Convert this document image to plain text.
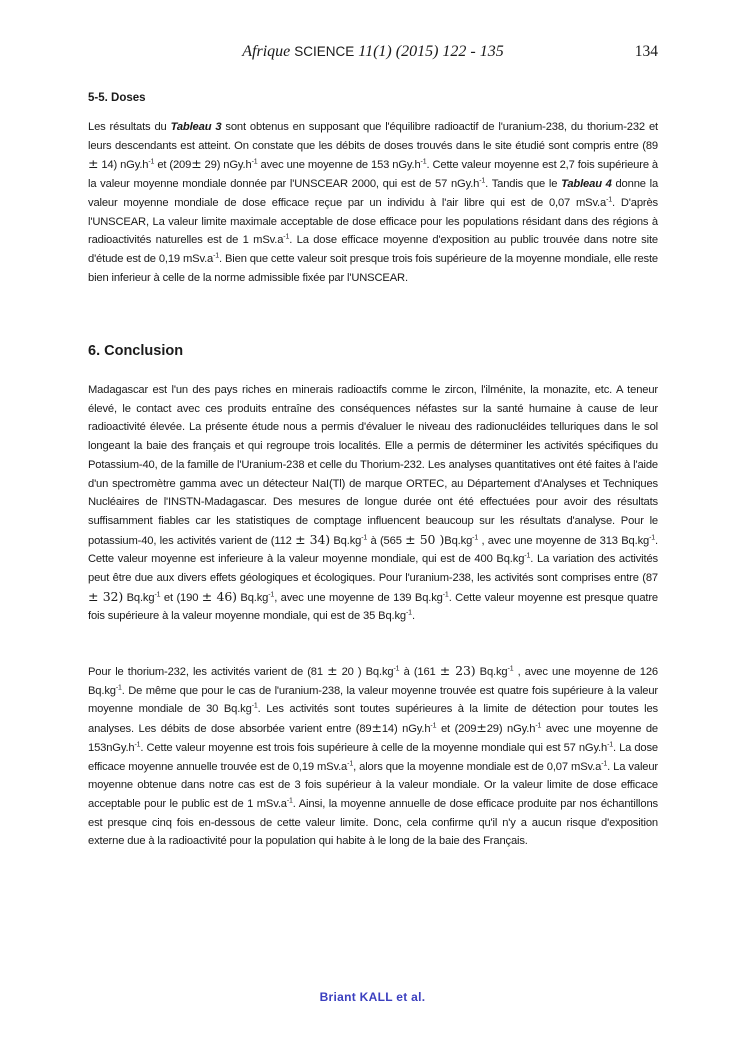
Afrique SCIENCE 11(1) (2015) 122 - 135	134
5-5. Doses
Les résultats du Tableau 3 sont obtenus en supposant que l'équilibre radioactif de l'uranium-238, du thorium-232 et leurs descendants est atteint. On constate que les débits de doses trouvés dans le site étudié sont compris entre (89 ± 14) $nGy.h^{-1}$ et (209± 29) $nGy.h^{-1}$ avec une moyenne de 153 $nGy.h^{-1}$. Cette valeur moyenne est 2,7 fois supérieure à la valeur moyenne mondiale donnée par l'UNSCEAR 2000, qui est de 57 $nGy.h^{-1}$. Tandis que le Tableau 4 donne la valeur moyenne mondiale de dose efficace reçue par un individu à l'air libre qui est de 0,07 $mSv.a^{-1}$. D'après l'UNSCEAR, La valeur limite maximale acceptable de dose efficace pour les populations résidant dans des régions à radioactivités naturelles est de 1 $mSv.a^{-1}$. La dose efficace moyenne d'exposition au public trouvée dans notre site d'étude est de 0,19 $mSv.a^{-1}$. Bien que cette valeur soit presque trois fois supérieure de la moyenne mondiale, elle reste bien inferieur à celle de la norme admissible fixée par l'UNSCEAR.
6. Conclusion
Madagascar est l'un des pays riches en minerais radioactifs comme le zircon, l'ilménite, la monazite, etc. A teneur élevé, le contact avec ces produits entraîne des conséquences néfastes sur la santé humaine à cause de leur radioactivité élevée. La présente étude nous a permis d'évaluer le niveau des radionucléides telluriques dans le sol longeant la baie des français et qui regroupe trois localités. Elle a permis de déterminer les activités spécifiques du Potassium-40, de la famille de l'Uranium-238 et celle du Thorium-232. Les analyses quantitatives ont été faites à l'aide d'un spectromètre gamma avec un détecteur NaI(Tl) de marque ORTEC, au Département d'Analyses et Techniques Nucléaires de l'INSTN-Madagascar. Des mesures de longue durée ont été effectuées pour avoir des résultats suffisamment fiables car les statistiques de comptage influencent beaucoup sur les résultats d'analyse. Pour le potassium-40, les activités varient de (112 ± 34) $Bq.kg^{-1}$ à (565 ± 50 )$Bq.kg^{-1}$ , avec une moyenne de 313 $Bq.kg^{-1}$. Cette valeur moyenne est inferieure à la valeur moyenne mondiale, qui est de 400 $Bq.kg^{-1}$. La variation des activités peut être due aux divers effets géologiques et écologiques. Pour l'uranium-238, les activités sont comprises entre (87 ± 32) $Bq.kg^{-1}$ et (190 ± 46) $Bq.kg^{-1}$, avec une moyenne de 139 $Bq.kg^{-1}$. Cette valeur moyenne est presque quatre fois supérieure à la valeur moyenne mondiale, qui est de 35 $Bq.kg^{-1}$.
Pour le thorium-232, les activités varient de (81 ± 20 ) $Bq.kg^{-1}$ à (161 ± 23) $Bq.kg^{-1}$ , avec une moyenne de 126 $Bq.kg^{-1}$. De même que pour le cas de l'uranium-238, la valeur moyenne trouvée est quatre fois supérieure à la valeur moyenne mondiale de 30 $Bq.kg^{-1}$. Les activités sont toutes supérieures à la limite de détection pour toutes les analyses. Les débits de dose absorbée varient entre (89±14) $nGy.h^{-1}$ et (209±29) $nGy.h^{-1}$ avec une moyenne de $153nGy.h^{-1}$. Cette valeur moyenne est trois fois supérieure à celle de la moyenne mondiale qui est 57 $nGy.h^{-1}$. La dose efficace moyenne annuelle trouvée est de 0,19 $mSv.a^{-1}$, alors que la moyenne mondiale est de 0,07 $mSv.a^{-1}$. La valeur moyenne obtenue dans notre cas est de 3 fois supérieur à la valeur mondiale. Or la valeur limite de dose efficace acceptable pour le public est de 1 $mSv.a^{-1}$. Ainsi, la moyenne annuelle de dose efficace produite par nos échantillons est presque cinq fois en-dessous de cette valeur limite. Donc, cela confirme qu'il n'y a aucun risque d'exposition externe due à la radioactivité pour la population qui habite à le long de la baie des Français.
Briant KALL et al.
